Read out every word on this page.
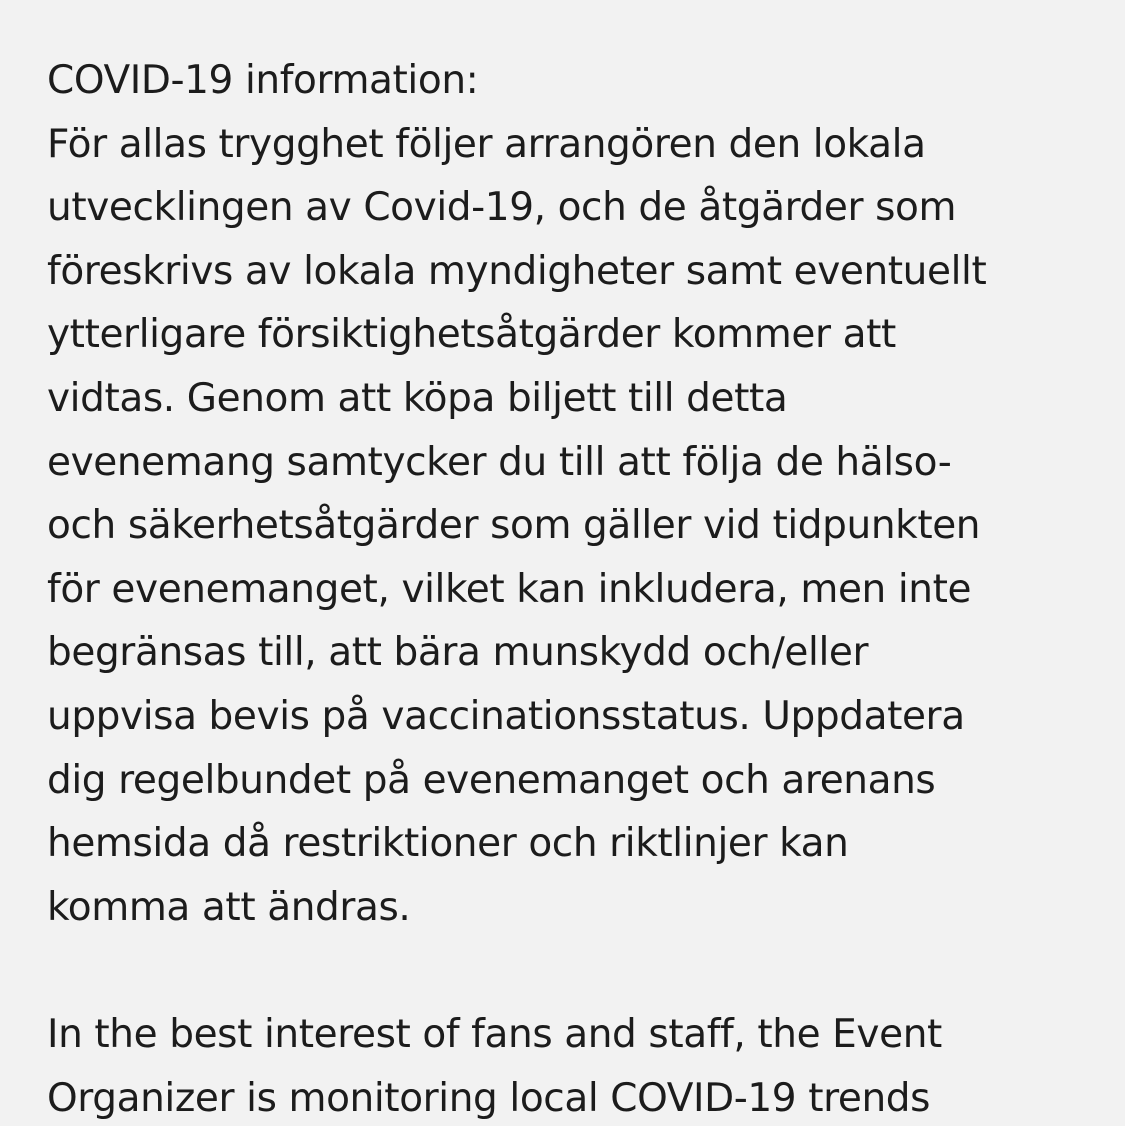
COVID-19 information:
För allas trygghet följer arrangören den lokala
utvecklingen av Covid-19, och de åtgärder som
föreskrivs av lokala myndigheter samt eventuellt
ytterligare försiktighetsåtgärder kommer att
vidtas. Genom att köpa biljett till detta
evenemang samtycker du till att följa de hälso-
och säkerhetsåtgärder som gäller vid tidpunkten
för evenemanget, vilket kan inkludera, men inte
begränsas till, att bära munskydd och/eller
uppvisa bevis på vaccinationsstatus. Uppdatera
dig regelbundet på evenemanget och arenans
hemsida då restriktioner och riktlinjer kan
komma att ändras.
In the best interest of fans and staff, the Event
Organizer is monitoring local COVID-19 trends
